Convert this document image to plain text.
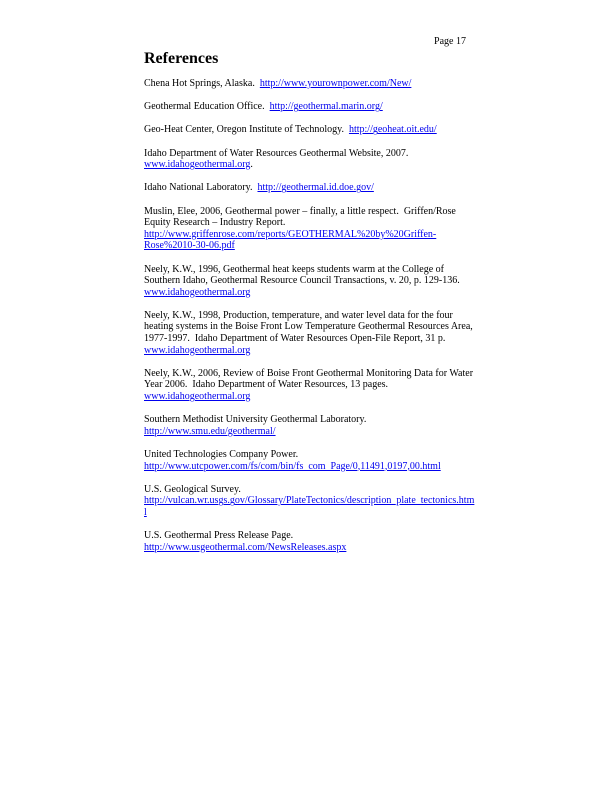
Page 17
References

Chena Hot Springs, Alaska.  http://www.yourownpower.com/New/

Geothermal Education Office.  http://geothermal.marin.org/

Geo-Heat Center, Oregon Institute of Technology.  http://geoheat.oit.edu/

Idaho Department of Water Resources Geothermal Website, 2007.
www.idahogeothermal.org.

Idaho National Laboratory.  http://geothermal.id.doe.gov/

Muslin, Elee, 2006, Geothermal power – finally, a little respect.  Griffen/Rose
Equity Research – Industry Report.
http://www.griffenrose.com/reports/GEOTHERMAL%20by%20Griffen-
Rose%2010-30-06.pdf

Neely, K.W., 1996, Geothermal heat keeps students warm at the College of
Southern Idaho, Geothermal Resource Council Transactions, v. 20, p. 129-136.
www.idahogeothermal.org

Neely, K.W., 1998, Production, temperature, and water level data for the four
heating systems in the Boise Front Low Temperature Geothermal Resources Area,
1977-1997.  Idaho Department of Water Resources Open-File Report, 31 p.
www.idahogeothermal.org

Neely, K.W., 2006, Review of Boise Front Geothermal Monitoring Data for Water
Year 2006.  Idaho Department of Water Resources, 13 pages.
www.idahogeothermal.org

Southern Methodist University Geothermal Laboratory.
http://www.smu.edu/geothermal/

United Technologies Company Power.
http://www.utcpower.com/fs/com/bin/fs_com_Page/0,11491,0197,00.html

U.S. Geological Survey.
http://vulcan.wr.usgs.gov/Glossary/PlateTectonics/description_plate_tectonics.htm
l

U.S. Geothermal Press Release Page.
http://www.usgeothermal.com/NewsReleases.aspx
